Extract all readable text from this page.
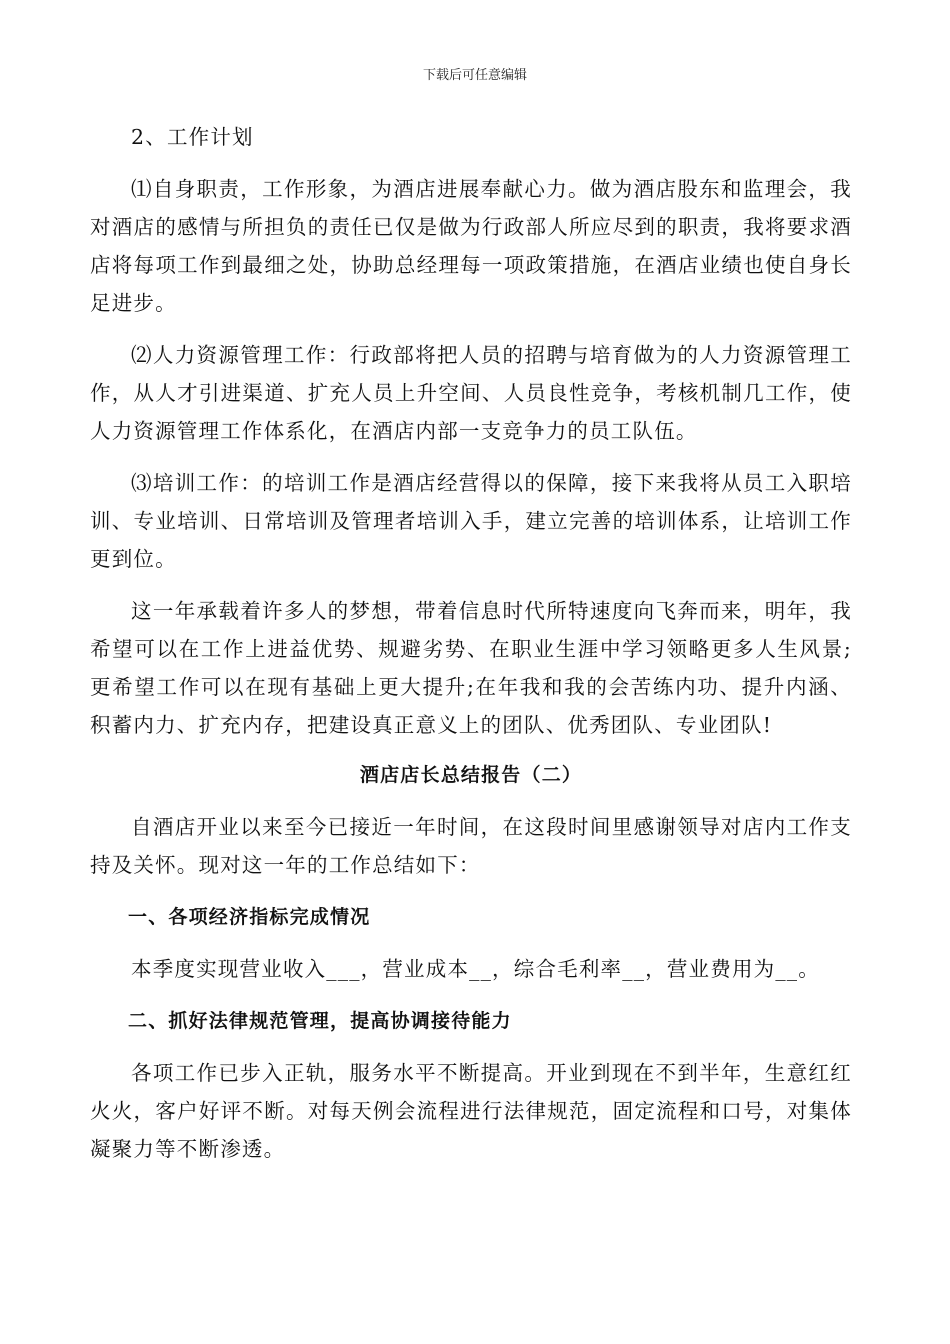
下载后可任意编辑

2、工作计划

⑴自身职责，工作形象，为酒店进展奉献心力。做为酒店股东和监理会，我对酒店的感情与所担负的责任已仅是做为行政部人所应尽到的职责，我将要求酒店将每项工作到最细之处，协助总经理每一项政策措施，在酒店业绩也使自身长足进步。

⑵人力资源管理工作：行政部将把人员的招聘与培育做为的人力资源管理工作，从人才引进渠道、扩充人员上升空间、人员良性竞争，考核机制几工作，使人力资源管理工作体系化，在酒店内部一支竞争力的员工队伍。

⑶培训工作：的培训工作是酒店经营得以的保障，接下来我将从员工入职培训、专业培训、日常培训及管理者培训入手，建立完善的培训体系，让培训工作更到位。

这一年承载着许多人的梦想，带着信息时代所特速度向飞奔而来，明年，我希望可以在工作上进益优势、规避劣势、在职业生涯中学习领略更多人生风景;更希望工作可以在现有基础上更大提升;在年我和我的会苦练内功、提升内涵、积蓄内力、扩充内存，把建设真正意义上的团队、优秀团队、专业团队!

酒店店长总结报告（二）

自酒店开业以来至今已接近一年时间，在这段时间里感谢领导对店内工作支持及关怀。现对这一年的工作总结如下：

一、各项经济指标完成情况

本季度实现营业收入___，营业成本__，综合毛利率__，营业费用为__。

二、抓好法律规范管理，提高协调接待能力

各项工作已步入正轨，服务水平不断提高。开业到现在不到半年，生意红红火火，客户好评不断。对每天例会流程进行法律规范，固定流程和口号，对集体凝聚力等不断渗透。
